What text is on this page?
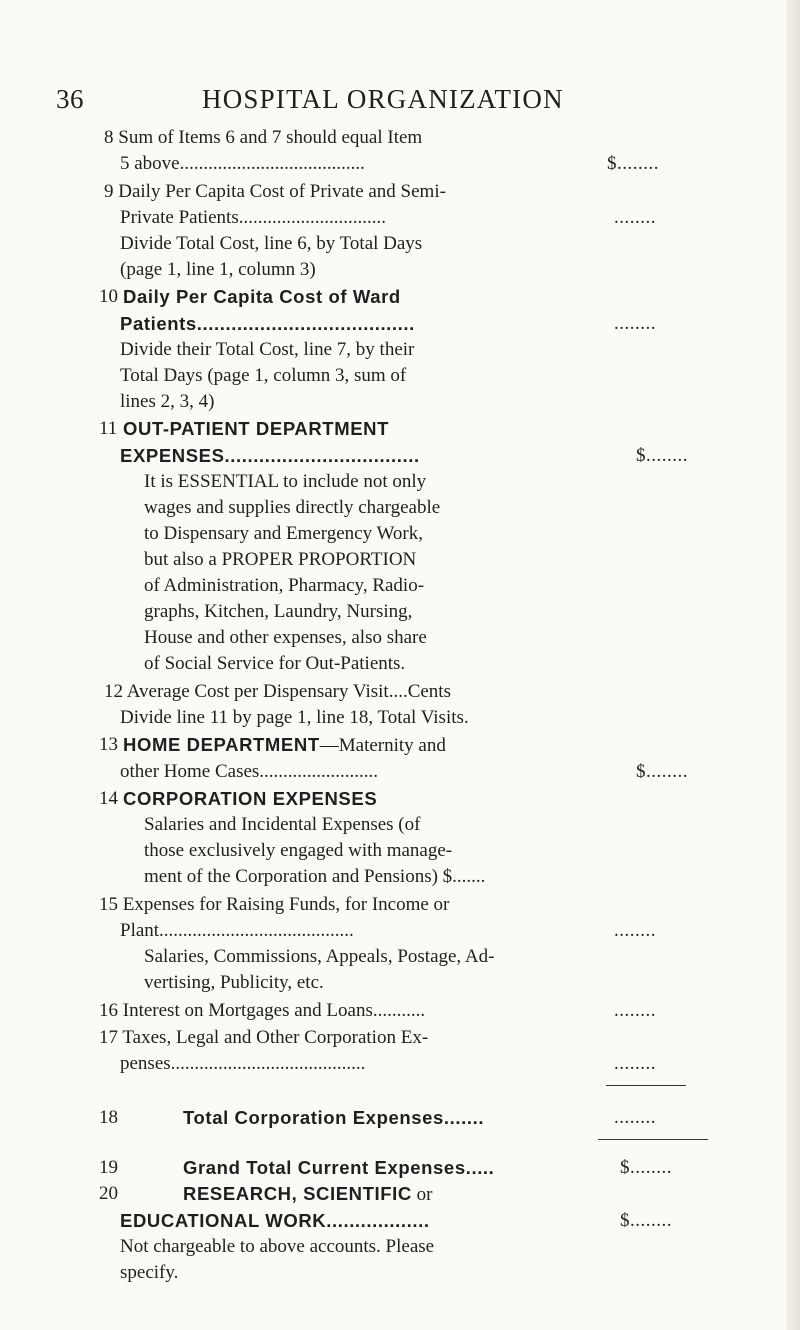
36	HOSPITAL ORGANIZATION
8 Sum of Items 6 and 7 should equal Item
5 above.......................................	$........
9 Daily Per Capita Cost of Private and Semi-
Private Patients...............................	........
Divide Total Cost, line 6, by Total Days
(page 1, line 1, column 3)
10 Daily Per Capita Cost of Ward
Patients......................................	........
Divide their Total Cost, line 7, by their
Total Days (page 1, column 3, sum of
lines 2, 3, 4)
11 OUT-PATIENT DEPARTMENT
EXPENSES..................................	$........
It is ESSENTIAL to include not only
wages and supplies directly chargeable
to Dispensary and Emergency Work,
but also a PROPER PROPORTION
of Administration, Pharmacy, Radio-
graphs, Kitchen, Laundry, Nursing,
House and other expenses, also share
of Social Service for Out-Patients.
12 Average Cost per Dispensary Visit....Cents
Divide line 11 by page 1, line 18, Total Visits.
13 HOME DEPARTMENT—Maternity and
other Home Cases.........................	$........
14 CORPORATION EXPENSES
Salaries and Incidental Expenses (of
those exclusively engaged with manage-
ment of the Corporation and Pensions) $.......
15 Expenses for Raising Funds, for Income or
Plant.........................................	........
Salaries, Commissions, Appeals, Postage, Ad-
vertising, Publicity, etc.
16 Interest on Mortgages and Loans...........	........
17 Taxes, Legal and Other Corporation Ex-
penses.........................................	........
18	Total Corporation Expenses.......	........
19	Grand Total Current Expenses.....	$........
20	RESEARCH, SCIENTIFIC or
EDUCATIONAL WORK..................	$........
Not chargeable to above accounts. Please
specify.
